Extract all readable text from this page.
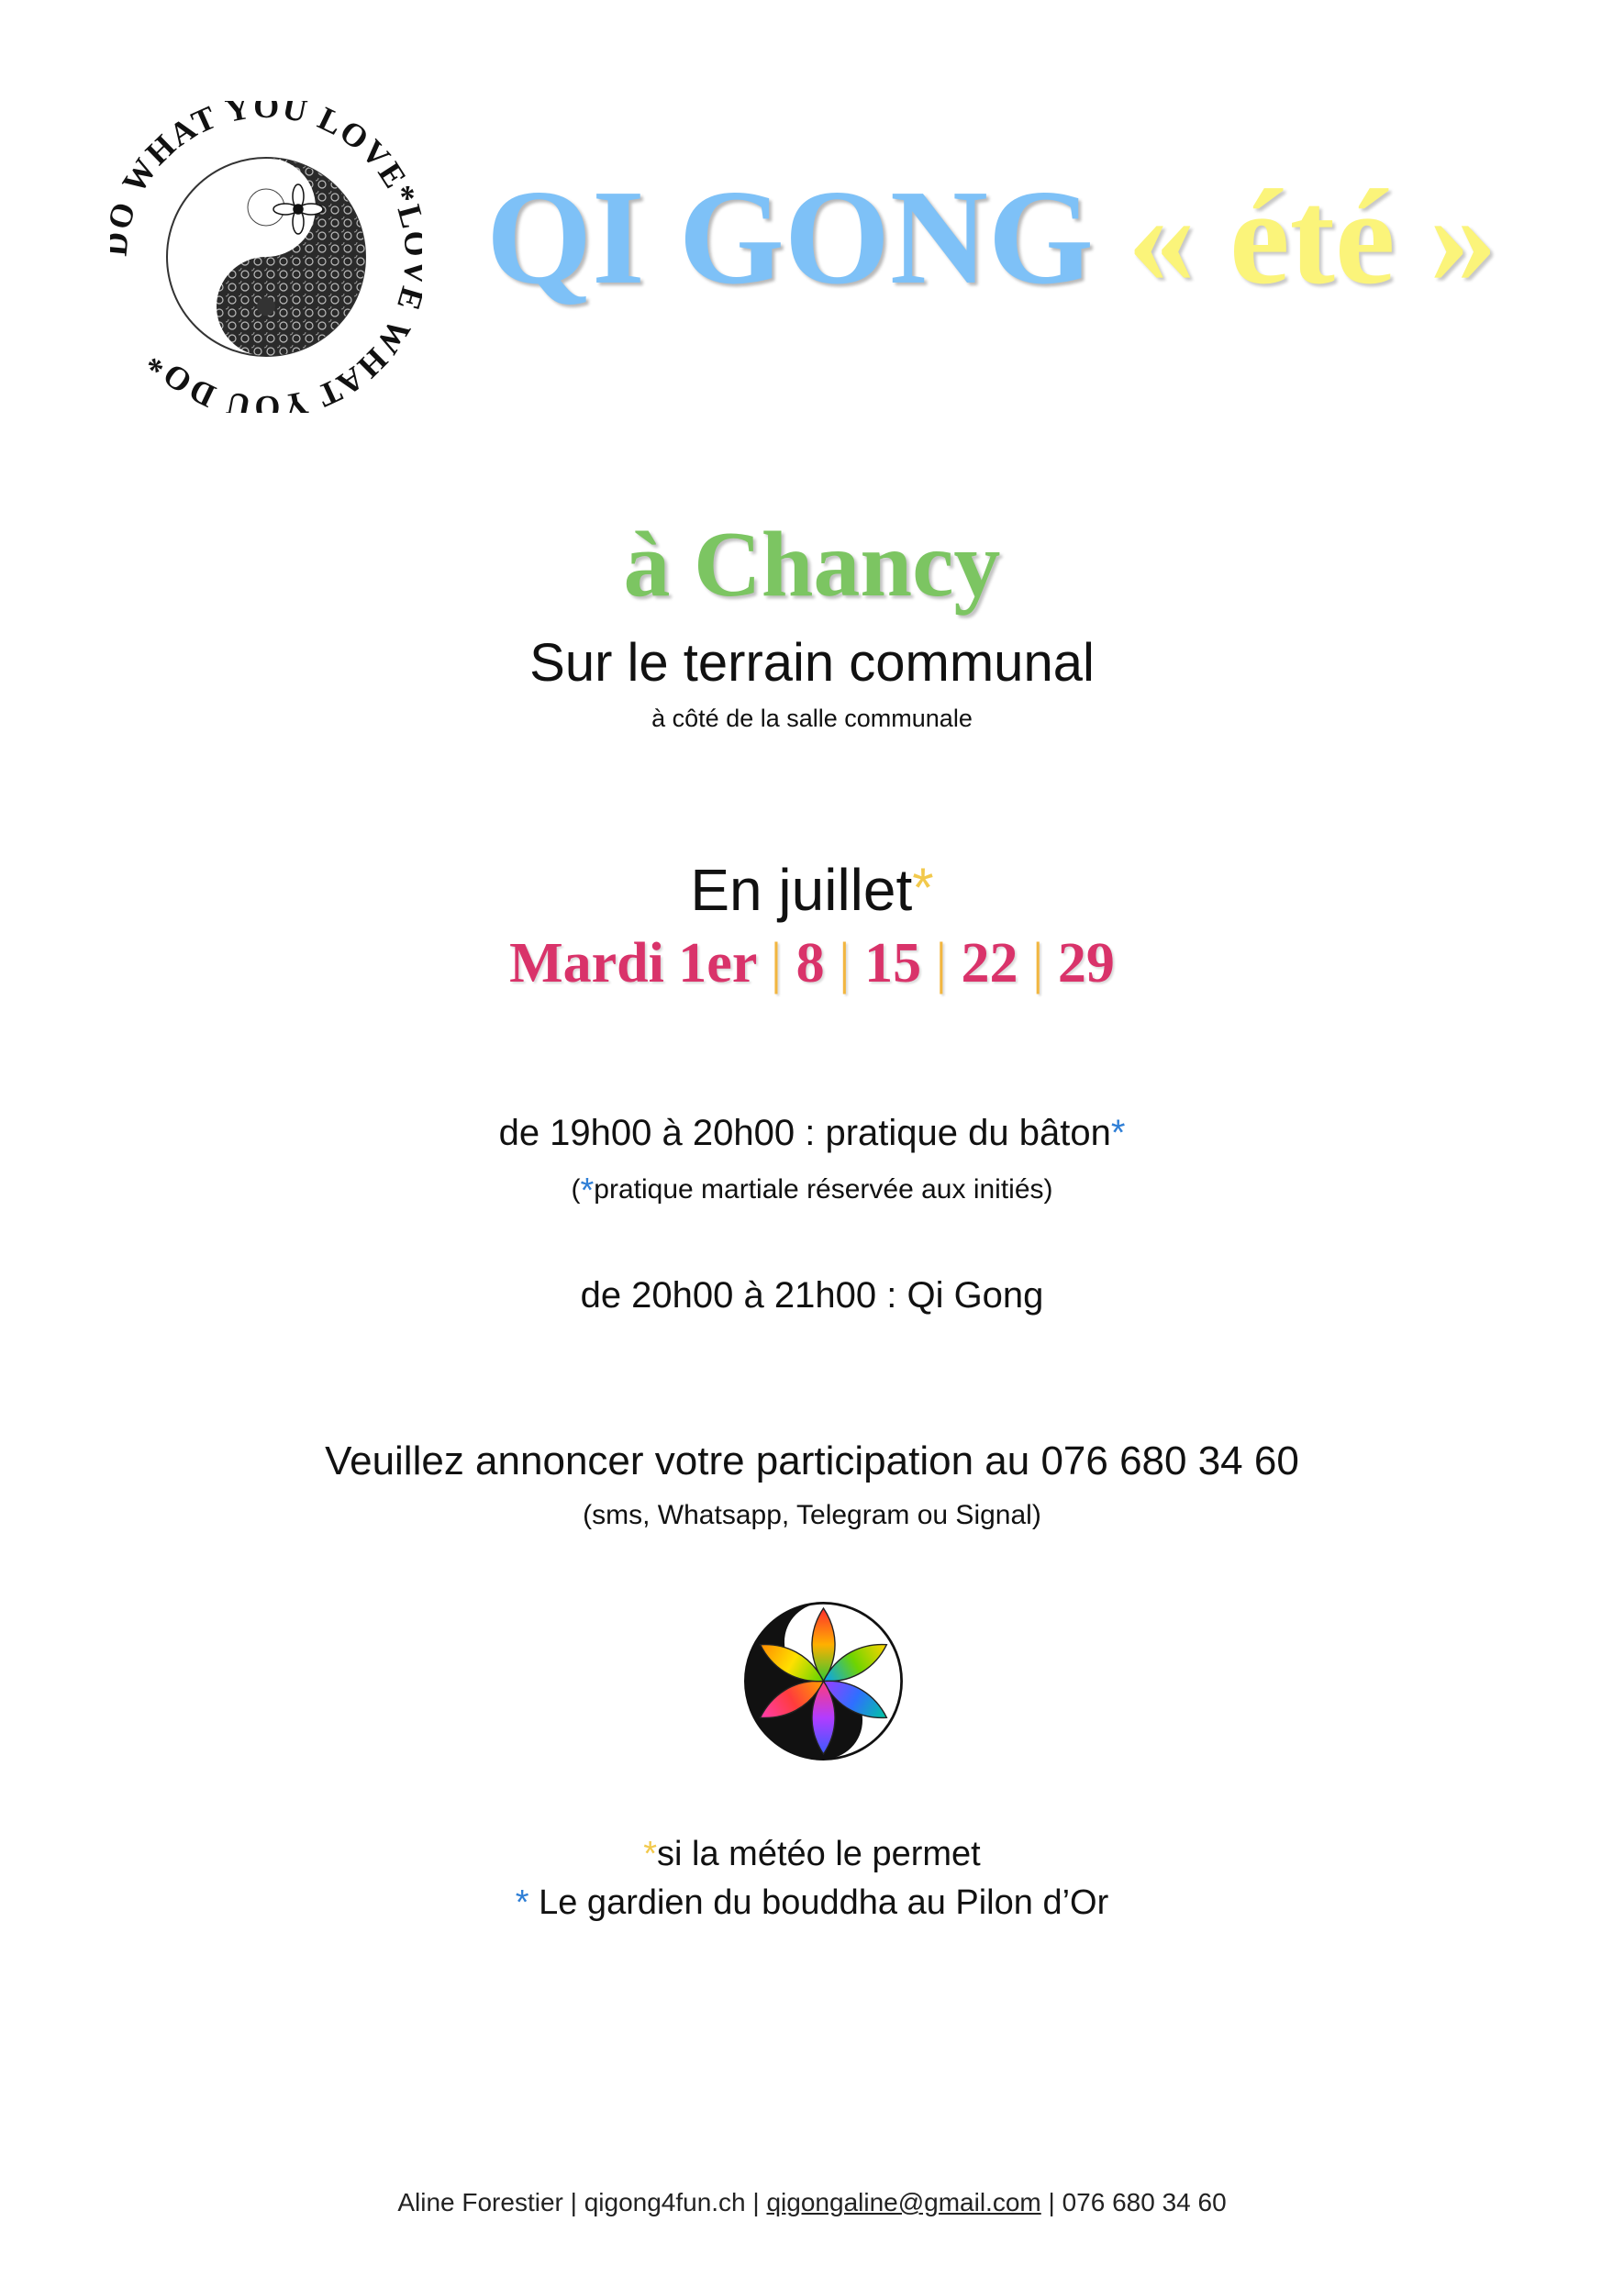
WHAT YOU LOVE* WHAT YOU DO*
QI GONG « été »
à Chancy
Sur le terrain communal
à côté de la salle communale
En juillet*
Mardi 1er | 8 | 15 | 22 | 29
de 19h00 à 20h00 : pratique du bâton*
(*pratique martiale réservée aux initiés)
de 20h00 à 21h00 : Qi Gong
Veuillez annoncer votre participation au 076 680 34 60
(sms, Whatsapp, Telegram ou Signal)
*si la météo le permet
* Le gardien du bouddha au Pilon d’Or
Aline Forestier | qigong4fun.ch | qigongaline@gmail.com | 076 680 34 60
